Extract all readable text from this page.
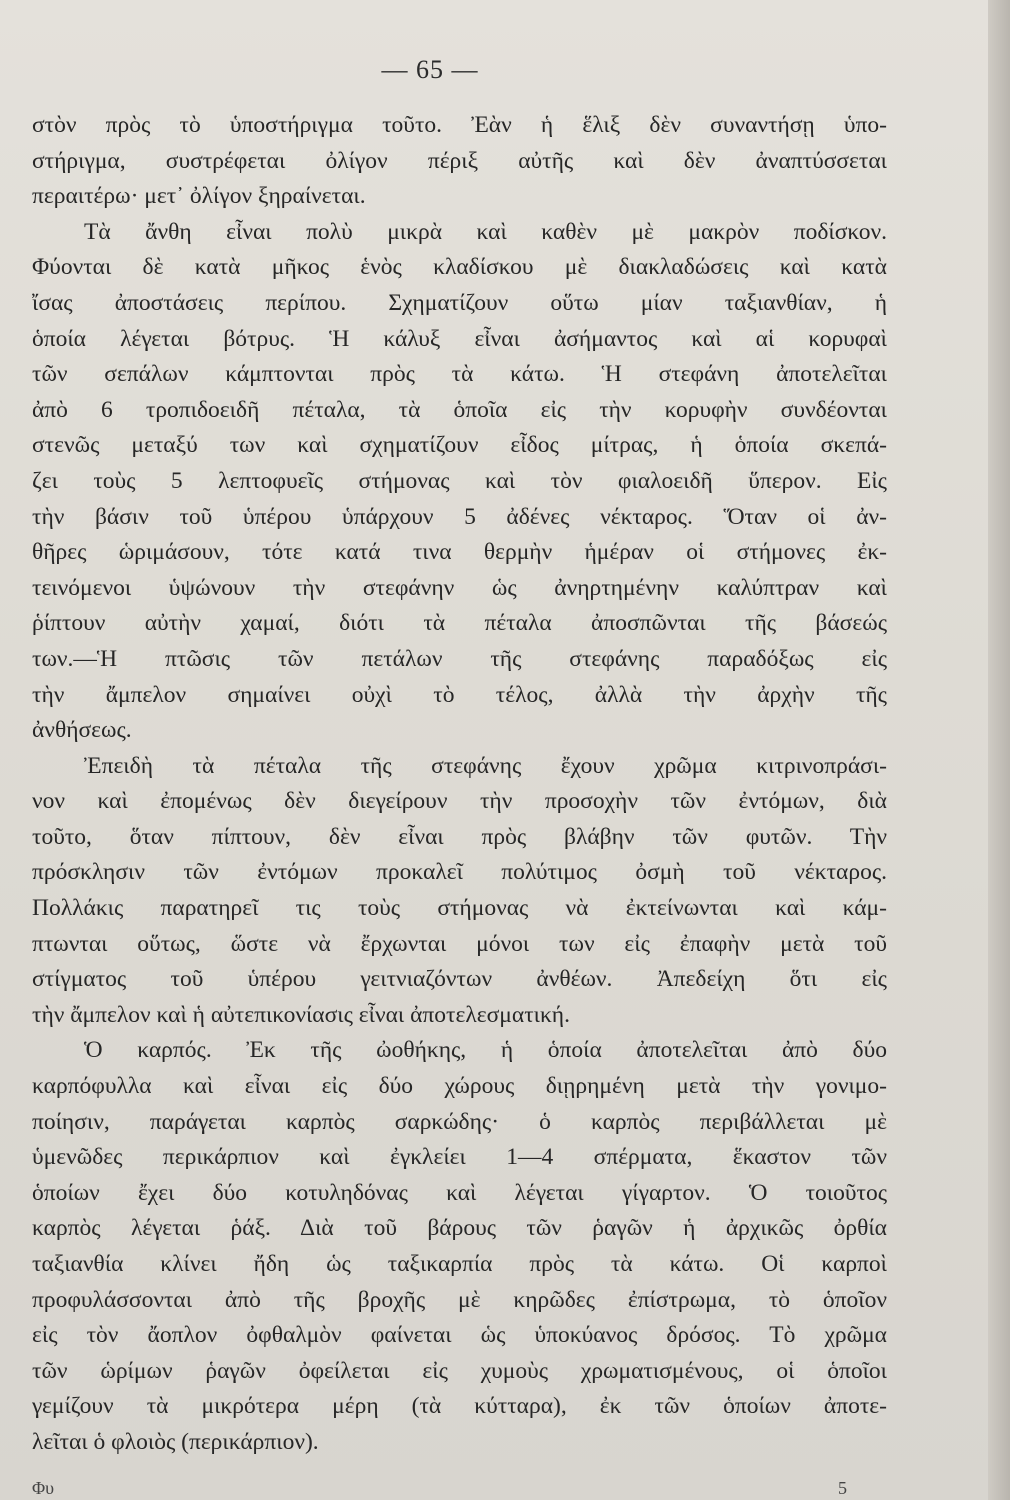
— 65 —
στὸν πρὸς τὸ ὑποστήριγμα τοῦτο. Ἐὰν ἡ ἕλιξ δὲν συναντήσῃ ὑπο-
στήριγμα, συστρέφεται ὀλίγον πέριξ αὐτῆς καὶ δὲν ἀναπτύσσεται
περαιτέρω· μετ᾿ ὀλίγον ξηραίνεται.
Τὰ ἄνθη εἶναι πολὺ μικρὰ καὶ καθὲν μὲ μακρὸν ποδίσκον.
Φύονται δὲ κατὰ μῆκος ἑνὸς κλαδίσκου μὲ διακλαδώσεις καὶ κατὰ
ἴσας ἀποστάσεις περίπου. Σχηματίζουν οὕτω μίαν ταξιανθίαν, ἡ
ὁποία λέγεται βότρυς. Ἡ κάλυξ εἶναι ἀσήμαντος καὶ αἱ κορυφαὶ
τῶν σεπάλων κάμπτονται πρὸς τὰ κάτω. Ἡ στεφάνη ἀποτελεῖται
ἀπὸ 6 τροπιδοειδῆ πέταλα, τὰ ὁποῖα εἰς τὴν κορυφὴν συνδέονται
στενῶς μεταξύ των καὶ σχηματίζουν εἶδος μίτρας, ἡ ὁποία σκεπά-
ζει τοὺς 5 λεπτοφυεῖς στήμονας καὶ τὸν φιαλοειδῆ ὕπερον. Εἰς
τὴν βάσιν τοῦ ὑπέρου ὑπάρχουν 5 ἀδένες νέκταρος. Ὅταν οἱ ἀν-
θῆρες ὡριμάσουν, τότε κατά τινα θερμὴν ἡμέραν οἱ στήμονες ἐκ-
τεινόμενοι ὑψώνουν τὴν στεφάνην ὡς ἀνηρτημένην καλύπτραν καὶ
ῥίπτουν αὐτὴν χαμαί, διότι τὰ πέταλα ἀποσπῶνται τῆς βάσεώς
των.—Ἡ πτῶσις τῶν πετάλων τῆς στεφάνης παραδόξως εἰς
τὴν ἄμπελον σημαίνει οὐχὶ τὸ τέλος, ἀλλὰ τὴν ἀρχὴν τῆς
ἀνθήσεως.
Ἐπειδὴ τὰ πέταλα τῆς στεφάνης ἔχουν χρῶμα κιτρινοπράσι-
νον καὶ ἐπομένως δὲν διεγείρουν τὴν προσοχὴν τῶν ἐντόμων, διὰ
τοῦτο, ὅταν πίπτουν, δὲν εἶναι πρὸς βλάβην τῶν φυτῶν. Τὴν
πρόσκλησιν τῶν ἐντόμων προκαλεῖ πολύτιμος ὀσμὴ τοῦ νέκταρος.
Πολλάκις παρατηρεῖ τις τοὺς στήμονας νὰ ἐκτείνωνται καὶ κάμ-
πτωνται οὕτως, ὥστε νὰ ἔρχωνται μόνοι των εἰς ἐπαφὴν μετὰ τοῦ
στίγματος τοῦ ὑπέρου γειτνιαζόντων ἀνθέων. Ἀπεδείχη ὅτι εἰς
τὴν ἄμπελον καὶ ἡ αὐτεπικονίασις εἶναι ἀποτελεσματική.
Ὁ καρπός. Ἐκ τῆς ὠοθήκης, ἡ ὁποία ἀποτελεῖται ἀπὸ δύο
καρπόφυλλα καὶ εἶναι εἰς δύο χώρους διῃρημένη μετὰ τὴν γονιμο-
ποίησιν, παράγεται καρπὸς σαρκώδης· ὁ καρπὸς περιβάλλεται μὲ
ὑμενῶδες περικάρπιον καὶ ἐγκλείει 1—4 σπέρματα, ἕκαστον τῶν
ὁποίων ἔχει δύο κοτυληδόνας καὶ λέγεται γίγαρτον. Ὁ τοιοῦτος
καρπὸς λέγεται ῥάξ. Διὰ τοῦ βάρους τῶν ῥαγῶν ἡ ἀρχικῶς ὀρθία
ταξιανθία κλίνει ἤδη ὡς ταξικαρπία πρὸς τὰ κάτω. Οἱ καρποὶ
προφυλάσσονται ἀπὸ τῆς βροχῆς μὲ κηρῶδες ἐπίστρωμα, τὸ ὁποῖον
εἰς τὸν ἄοπλον ὀφθαλμὸν φαίνεται ὡς ὑποκύανος δρόσος. Τὸ χρῶμα
τῶν ὡρίμων ῥαγῶν ὀφείλεται εἰς χυμοὺς χρωματισμένους, οἱ ὁποῖοι
γεμίζουν τὰ μικρότερα μέρη (τὰ κύτταρα), ἐκ τῶν ὁποίων ἀποτε-
λεῖται ὁ φλοιὸς (περικάρπιον).
Φυ	5
